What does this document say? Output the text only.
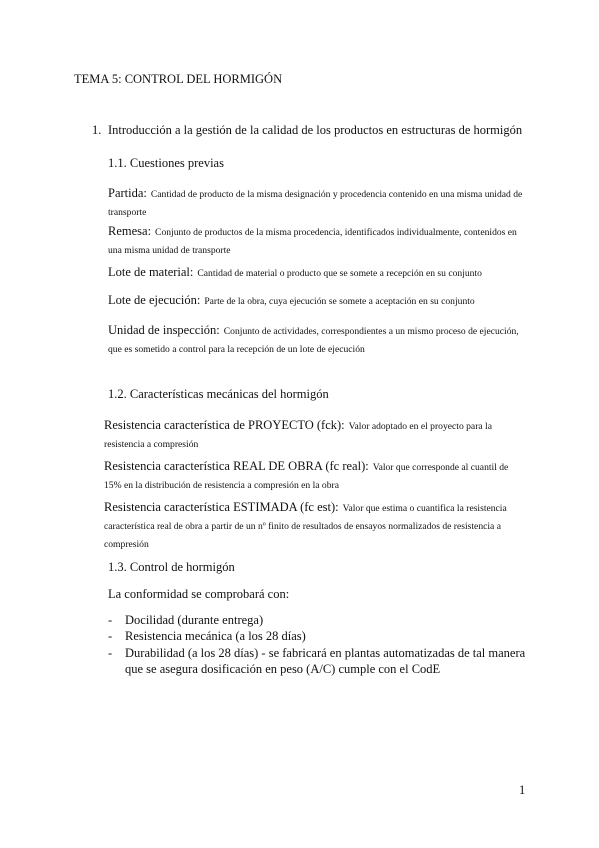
TEMA 5: CONTROL DEL HORMIGÓN
1. Introducción a la gestión de la calidad de los productos en estructuras de hormigón
1.1. Cuestiones previas
Partida: Cantidad de producto de la misma designación y procedencia contenido en una misma unidad de transporte
Remesa: Conjunto de productos de la misma procedencia, identificados individualmente, contenidos en una misma unidad de transporte
Lote de material: Cantidad de material o producto que se somete a recepción en su conjunto
Lote de ejecución: Parte de la obra, cuya ejecución se somete a aceptación en su conjunto
Unidad de inspección: Conjunto de actividades, correspondientes a un mismo proceso de ejecución, que es sometido a control para la recepción de un lote de ejecución
1.2. Características mecánicas del hormigón
Resistencia característica de PROYECTO (fck): Valor adoptado en el proyecto para la resistencia a compresión
Resistencia característica REAL DE OBRA (fc real): Valor que corresponde al cuantil de 15% en la distribución de resistencia a compresión en la obra
Resistencia característica ESTIMADA (fc est): Valor que estima o cuantifica la resistencia característica real de obra a partir de un nº finito de resultados de ensayos normalizados de resistencia a compresión
1.3. Control de hormigón
La conformidad se comprobará con:
- Docilidad (durante entrega)
- Resistencia mecánica (a los 28 días)
- Durabilidad (a los 28 días) - se fabricará en plantas automatizadas de tal manera
que se asegura dosificación en peso (A/C) cumple con el CodE
1
